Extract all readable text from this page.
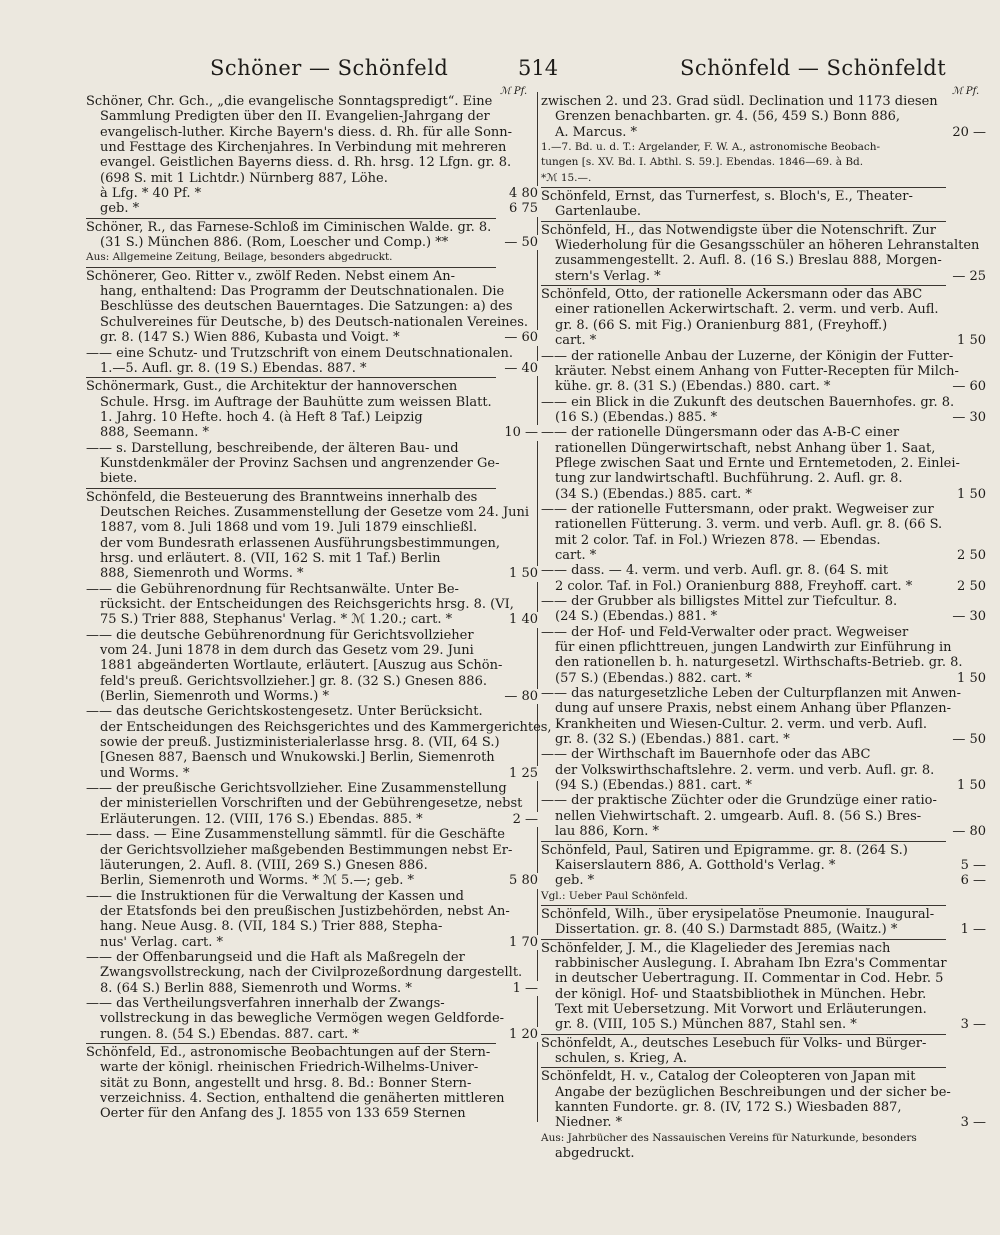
Schöner — Schönfeld	514	Schönfeld — Schönfeldt
ℳ Pf.	ℳ Pf.
Schöner, Chr. Gch., „die evangelische Sonntagspredigt“. Eine
Sammlung Predigten über den II. Evangelien-Jahrgang der
evangelisch-luther. Kirche Bayern's diess. d. Rh. für alle Sonn-
und Festtage des Kirchenjahres. In Verbindung mit mehreren
evangel. Geistlichen Bayerns diess. d. Rh. hrsg. 12 Lfgn. gr. 8.
(698 S. mit 1 Lichtdr.) Nürnberg 887, Löhe.
à Lfg. * 40 Pf. *	4 80
geb. *	6 75
Schöner, R., das Farnese-Schloß im Ciminischen Walde. gr. 8.
(31 S.) München 886. (Rom, Loescher und Comp.) **	— 50
Aus: Allgemeine Zeitung, Beilage, besonders abgedruckt.
Schönerer, Geo. Ritter v., zwölf Reden. Nebst einem An-
hang, enthaltend: Das Programm der Deutschnationalen. Die
Beschlüsse des deutschen Bauerntages. Die Satzungen: a) des
Schulvereines für Deutsche, b) des Deutsch-nationalen Vereines.
gr. 8. (147 S.) Wien 886, Kubasta und Voigt. *	— 60
—— eine Schutz- und Trutzschrift von einem Deutschnationalen.
1.—5. Aufl. gr. 8. (19 S.) Ebendas. 887. *	— 40
Schönermark, Gust., die Architektur der hannoverschen
Schule. Hrsg. im Auftrage der Bauhütte zum weissen Blatt.
1. Jahrg. 10 Hefte. hoch 4. (à Heft 8 Taf.) Leipzig
888, Seemann. *	10 —
—— s. Darstellung, beschreibende, der älteren Bau- und
Kunstdenkmäler der Provinz Sachsen und angrenzender Ge-
biete.
Schönfeld, die Besteuerung des Branntweins innerhalb des
Deutschen Reiches. Zusammenstellung der Gesetze vom 24. Juni
1887, vom 8. Juli 1868 und vom 19. Juli 1879 einschließl.
der vom Bundesrath erlassenen Ausführungsbestimmungen,
hrsg. und erläutert. 8. (VII, 162 S. mit 1 Taf.) Berlin
888, Siemenroth und Worms. *	1 50
—— die Gebührenordnung für Rechtsanwälte. Unter Be-
rücksicht. der Entscheidungen des Reichsgerichts hrsg. 8. (VI,
75 S.) Trier 888, Stephanus' Verlag. * ℳ 1.20.; cart. *	1 40
—— die deutsche Gebührenordnung für Gerichtsvollzieher
vom 24. Juni 1878 in dem durch das Gesetz vom 29. Juni
1881 abgeänderten Wortlaute, erläutert. [Auszug aus Schön-
feld's preuß. Gerichtsvollzieher.] gr. 8. (32 S.) Gnesen 886.
(Berlin, Siemenroth und Worms.) *	— 80
—— das deutsche Gerichtskostengesetz. Unter Berücksicht.
der Entscheidungen des Reichsgerichtes und des Kammergerichtes,
sowie der preuß. Justizministerialerlasse hrsg. 8. (VII, 64 S.)
[Gnesen 887, Baensch und Wnukowski.] Berlin, Siemenroth
und Worms. *	1 25
—— der preußische Gerichtsvollzieher. Eine Zusammenstellung
der ministeriellen Vorschriften und der Gebührengesetze, nebst
Erläuterungen. 12. (VIII, 176 S.) Ebendas. 885. *	2 —
—— dass. — Eine Zusammenstellung sämmtl. für die Geschäfte
der Gerichtsvollzieher maßgebenden Bestimmungen nebst Er-
läuterungen, 2. Aufl. 8. (VIII, 269 S.) Gnesen 886.
Berlin, Siemenroth und Worms. * ℳ 5.—; geb. *	5 80
—— die Instruktionen für die Verwaltung der Kassen und
der Etatsfonds bei den preußischen Justizbehörden, nebst An-
hang. Neue Ausg. 8. (VII, 184 S.) Trier 888, Stepha-
nus' Verlag. cart. *	1 70
—— der Offenbarungseid und die Haft als Maßregeln der
Zwangsvollstreckung, nach der Civilprozeßordnung dargestellt.
8. (64 S.) Berlin 888, Siemenroth und Worms. *	1 —
—— das Vertheilungsverfahren innerhalb der Zwangs-
vollstreckung in das bewegliche Vermögen wegen Geldforde-
rungen. 8. (54 S.) Ebendas. 887. cart. *	1 20
Schönfeld, Ed., astronomische Beobachtungen auf der Stern-
warte der königl. rheinischen Friedrich-Wilhelms-Univer-
sität zu Bonn, angestellt und hrsg. 8. Bd.: Bonner Stern-
verzeichniss. 4. Section, enthaltend die genäherten mittleren
Oerter für den Anfang des J. 1855 von 133 659 Sternen
zwischen 2. und 23. Grad südl. Declination und 1173 diesen
Grenzen benachbarten. gr. 4. (56, 459 S.) Bonn 886,
A. Marcus. *	20 —
1.—7. Bd. u. d. T.: Argelander, F. W. A., astronomische Beobach-
tungen [s. XV. Bd. I. Abthl. S. 59.]. Ebendas. 1846—69. à Bd.
*ℳ 15.—.
Schönfeld, Ernst, das Turnerfest, s. Bloch's, E., Theater-
Gartenlaube.
Schönfeld, H., das Notwendigste über die Notenschrift. Zur
Wiederholung für die Gesangsschüler an höheren Lehranstalten
zusammengestellt. 2. Aufl. 8. (16 S.) Breslau 888, Morgen-
stern's Verlag. *	— 25
Schönfeld, Otto, der rationelle Ackersmann oder das ABC
einer rationellen Ackerwirtschaft. 2. verm. und verb. Aufl.
gr. 8. (66 S. mit Fig.) Oranienburg 881, (Freyhoff.)
cart. *	1 50
—— der rationelle Anbau der Luzerne, der Königin der Futter-
kräuter. Nebst einem Anhang von Futter-Recepten für Milch-
kühe. gr. 8. (31 S.) (Ebendas.) 880. cart. *	— 60
—— ein Blick in die Zukunft des deutschen Bauernhofes. gr. 8.
(16 S.) (Ebendas.) 885. *	— 30
—— der rationelle Düngersmann oder das A-B-C einer
rationellen Düngerwirtschaft, nebst Anhang über 1. Saat,
Pflege zwischen Saat und Ernte und Erntemetoden, 2. Einlei-
tung zur landwirtschaftl. Buchführung. 2. Aufl. gr. 8.
(34 S.) (Ebendas.) 885. cart. *	1 50
—— der rationelle Futtersmann, oder prakt. Wegweiser zur
rationellen Fütterung. 3. verm. und verb. Aufl. gr. 8. (66 S.
mit 2 color. Taf. in Fol.) Wriezen 878. — Ebendas.
cart. *	2 50
—— dass. — 4. verm. und verb. Aufl. gr. 8. (64 S. mit
2 color. Taf. in Fol.) Oranienburg 888, Freyhoff. cart. *	2 50
—— der Grubber als billigstes Mittel zur Tiefcultur. 8.
(24 S.) (Ebendas.) 881. *	— 30
—— der Hof- und Feld-Verwalter oder pract. Wegweiser
für einen pflichttreuen, jungen Landwirth zur Einführung in
den rationellen b. h. naturgesetzl. Wirthschafts-Betrieb. gr. 8.
(57 S.) (Ebendas.) 882. cart. *	1 50
—— das naturgesetzliche Leben der Culturpflanzen mit Anwen-
dung auf unsere Praxis, nebst einem Anhang über Pflanzen-
Krankheiten und Wiesen-Cultur. 2. verm. und verb. Aufl.
gr. 8. (32 S.) (Ebendas.) 881. cart. *	— 50
—— der Wirthschaft im Bauernhofe oder das ABC
der Volkswirthschaftslehre. 2. verm. und verb. Aufl. gr. 8.
(94 S.) (Ebendas.) 881. cart. *	1 50
—— der praktische Züchter oder die Grundzüge einer ratio-
nellen Viehwirtschaft. 2. umgearb. Aufl. 8. (56 S.) Bres-
lau 886, Korn. *	— 80
Schönfeld, Paul, Satiren und Epigramme. gr. 8. (264 S.)
Kaiserslautern 886, A. Gotthold's Verlag. *	5 —
geb. *	6 —
Vgl.: Ueber Paul Schönfeld.
Schönfeld, Wilh., über erysipelatöse Pneumonie. Inaugural-
Dissertation. gr. 8. (40 S.) Darmstadt 885, (Waitz.) *	1 —
Schönfelder, J. M., die Klagelieder des Jeremias nach
rabbinischer Auslegung. I. Abraham Ibn Ezra's Commentar
in deutscher Uebertragung. II. Commentar in Cod. Hebr. 5
der königl. Hof- und Staatsbibliothek in München. Hebr.
Text mit Uebersetzung. Mit Vorwort und Erläuterungen.
gr. 8. (VIII, 105 S.) München 887, Stahl sen. *	3 —
Schönfeldt, A., deutsches Lesebuch für Volks- und Bürger-
schulen, s. Krieg, A.
Schönfeldt, H. v., Catalog der Coleopteren von Japan mit
Angabe der bezüglichen Beschreibungen und der sicher be-
kannten Fundorte. gr. 8. (IV, 172 S.) Wiesbaden 887,
Niedner. *	3 —
Aus: Jahrbücher des Nassauischen Vereins für Naturkunde, besonders
abgedruckt.
